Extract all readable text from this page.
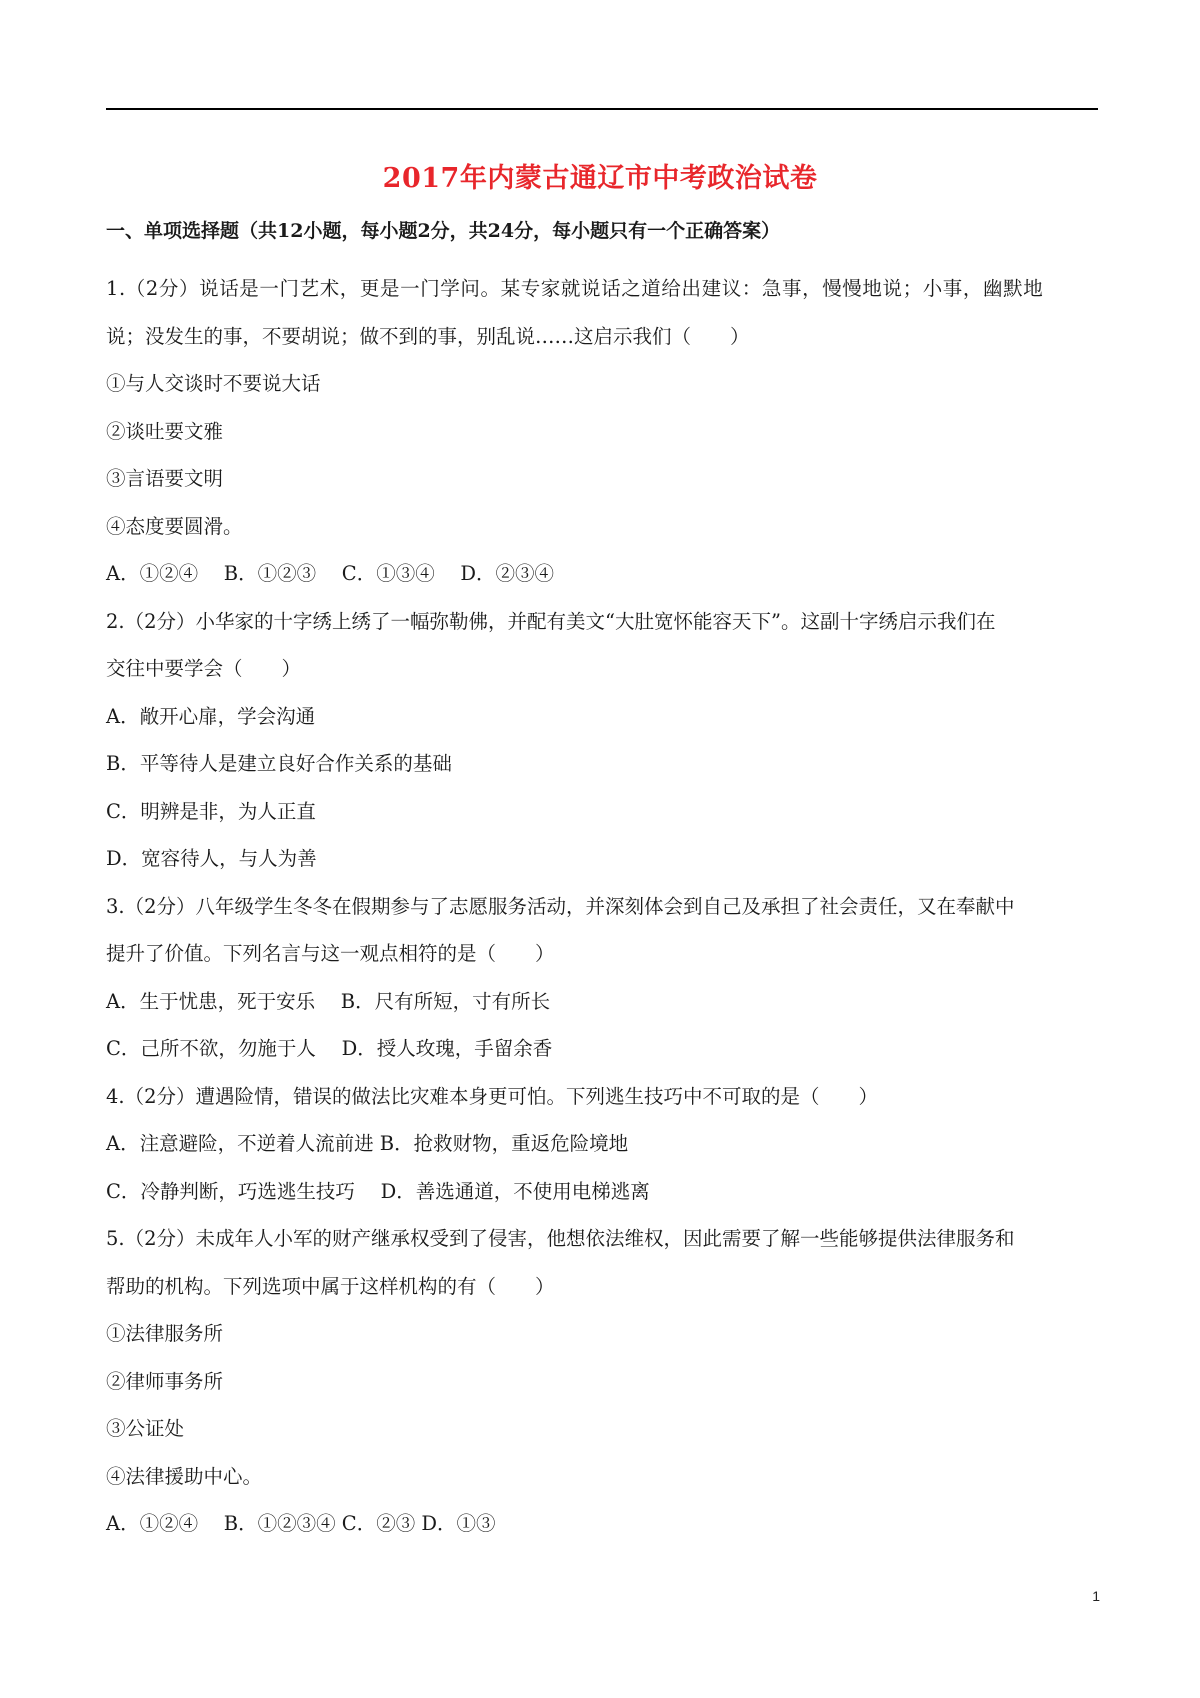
2017年内蒙古通辽市中考政治试卷
一、单项选择题（共12小题，每小题2分，共24分，每小题只有一个正确答案）
1.（2分）说话是一门艺术，更是一门学问。某专家就说话之道给出建议：急事，慢慢地说；小事，幽默地
说；没发生的事，不要胡说；做不到的事，别乱说……这启示我们（　　）
①与人交谈时不要说大话
②谈吐要文雅
③言语要文明
④态度要圆滑。
A．①②④　 B．①②③　 C．①③④　 D．②③④
2.（2分）小华家的十字绣上绣了一幅弥勒佛，并配有美文“大肚宽怀能容天下”。这副十字绣启示我们在
交往中要学会（　　）
A．敞开心扉，学会沟通
B．平等待人是建立良好合作关系的基础
C．明辨是非，为人正直
D．宽容待人，与人为善
3.（2分）八年级学生冬冬在假期参与了志愿服务活动，并深刻体会到自己及承担了社会责任，又在奉献中
提升了价值。下列名言与这一观点相符的是（　　）
A．生于忧患，死于安乐　 B．尺有所短，寸有所长
C．己所不欲，勿施于人　 D．授人玫瑰，手留余香
4.（2分）遭遇险情，错误的做法比灾难本身更可怕。下列逃生技巧中不可取的是（　　）
A．注意避险，不逆着人流前进 B．抢救财物，重返危险境地
C．冷静判断，巧选逃生技巧　 D．善选通道，不使用电梯逃离
5.（2分）未成年人小军的财产继承权受到了侵害，他想依法维权，因此需要了解一些能够提供法律服务和
帮助的机构。下列选项中属于这样机构的有（　　）
①法律服务所
②律师事务所
③公证处
④法律援助中心。
A．①②④　 B．①②③④ C．②③ D．①③
1
